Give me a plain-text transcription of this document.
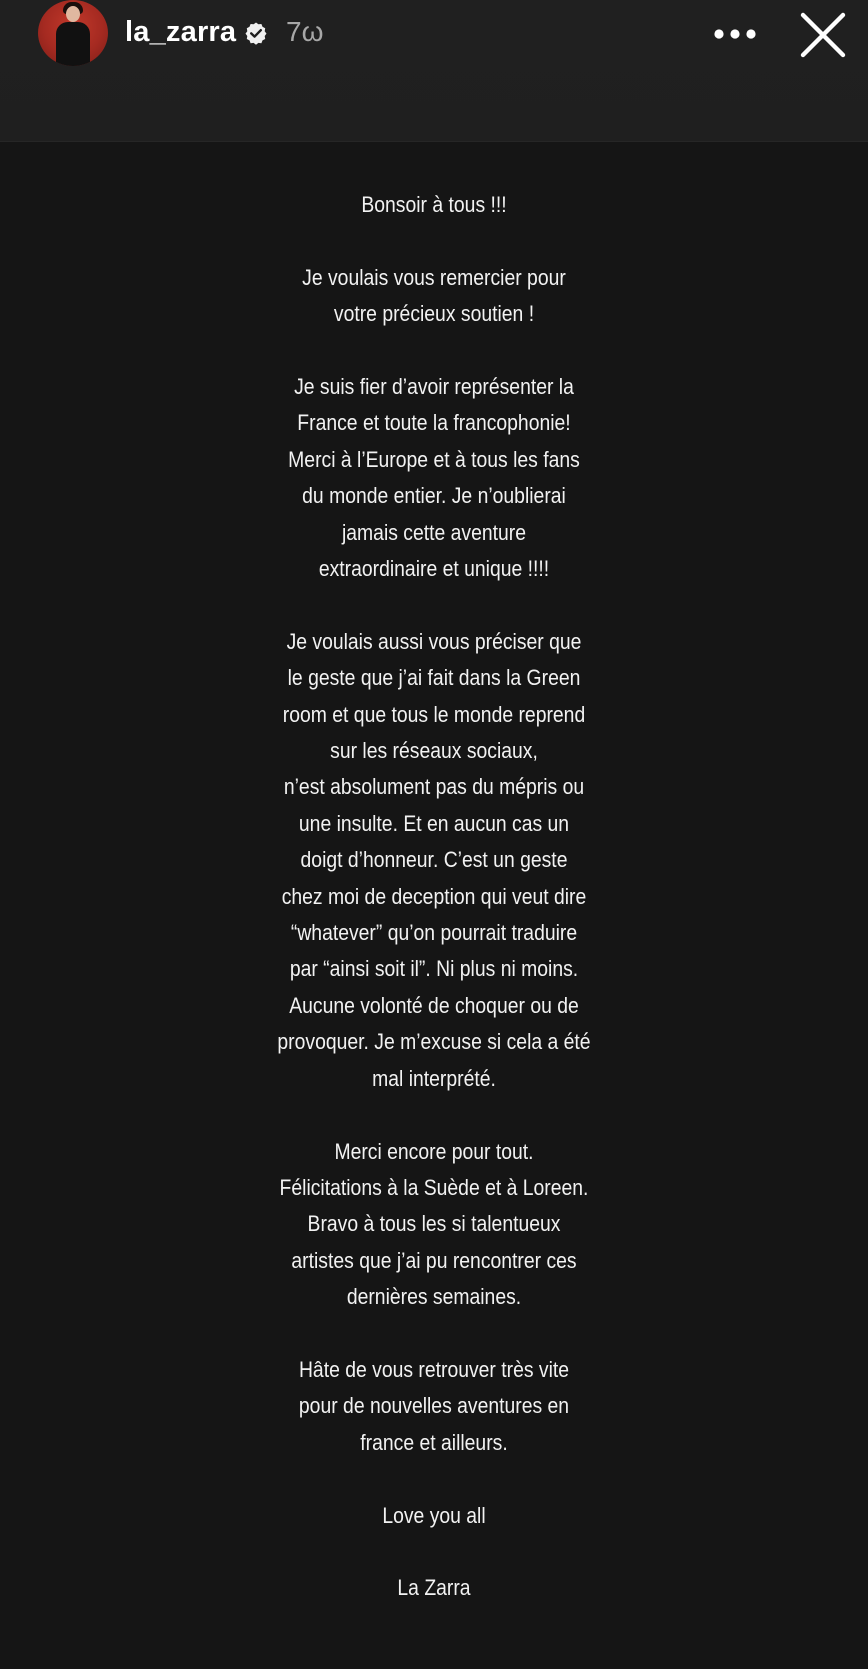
la_zarra 7ω

Bonsoir à tous !!!

Je voulais vous remercier pour
votre précieux soutien !

Je suis fier d’avoir représenter la
France et toute la francophonie!
Merci à l’Europe et à tous les fans
du monde entier. Je n’oublierai
jamais cette aventure
extraordinaire et unique !!!!

Je voulais aussi vous préciser que
le geste que j’ai fait dans la Green
room et que tous le monde reprend
sur les réseaux sociaux,
n’est absolument pas du mépris ou
une insulte. Et en aucun cas un
doigt d’honneur. C’est un geste
chez moi de deception qui veut dire
“whatever” qu’on pourrait traduire
par “ainsi soit il”. Ni plus ni moins.
Aucune volonté de choquer ou de
provoquer. Je m’excuse si cela a été
mal interprété.

Merci encore pour tout.
Félicitations à la Suède et à Loreen.
Bravo à tous les si talentueux
artistes que j’ai pu rencontrer ces
dernières semaines.

Hâte de vous retrouver très vite
pour de nouvelles aventures en
france et ailleurs.

Love you all

La Zarra
